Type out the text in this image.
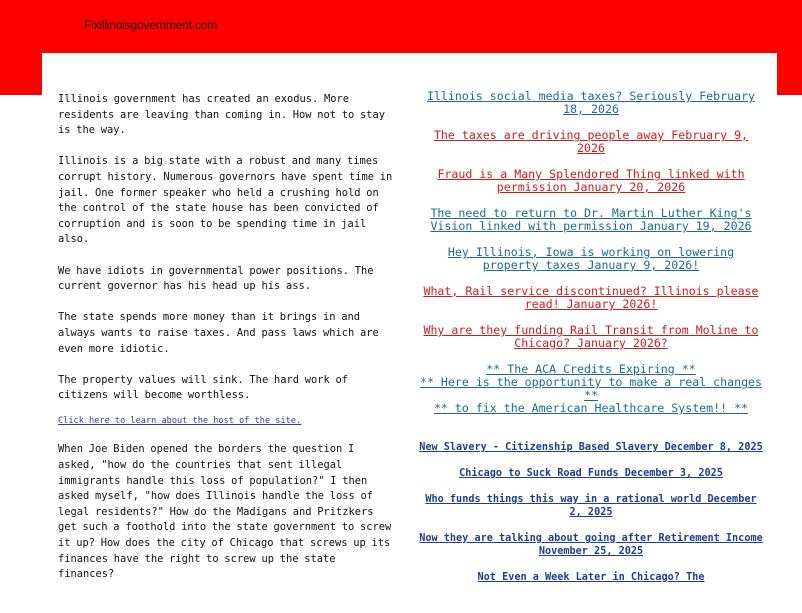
Fixillinoisgovernment.com

Illinois government has created an exodus. More residents are leaving than coming in. How not to stay is the way.

Illinois is a big state with a robust and many times corrupt history. Numerous governors have spent time in jail. One former speaker who held a crushing hold on the control of the state house has been convicted of corruption and is soon to be spending time in jail also.

We have idiots in governmental power positions. The current governor has his head up his ass.

The state spends more money than it brings in and always wants to raise taxes. And pass laws which are even more idiotic.

The property values will sink. The hard work of citizens will become worthless.

Click here to learn about the host of the site.

When Joe Biden opened the borders the question I asked, "how do the countries that sent illegal immigrants handle this loss of population?" I then asked myself, "how does Illinois handle the loss of legal residents?" How do the Madigans and Pritzkers get such a foothold into the state government to screw it up? How does the city of Chicago that screws up its finances have the right to screw up the state finances?

Illinois social media taxes? Seriously February 18, 2026
The taxes are driving people away February 9, 2026
Fraud is a Many Splendored Thing linked with permission January 20, 2026
The need to return to Dr. Martin Luther King's Vision linked with permission January 19, 2026
Hey Illinois, Iowa is working on lowering property taxes January 9, 2026!
What, Rail service discontinued? Illinois please read! January 2026!
Why are they funding Rail Transit from Moline to Chicago? January 2026?
** The ACA Credits Expiring **
** Here is the opportunity to make a real changes **
** to fix the American Healthcare System!! **
New Slavery - Citizenship Based Slavery December 8, 2025
Chicago to Suck Road Funds December 3, 2025
Who funds things this way in a rational world December 2, 2025
Now they are talking about going after Retirement Income November 25, 2025
Not Even a Week Later in Chicago? The
